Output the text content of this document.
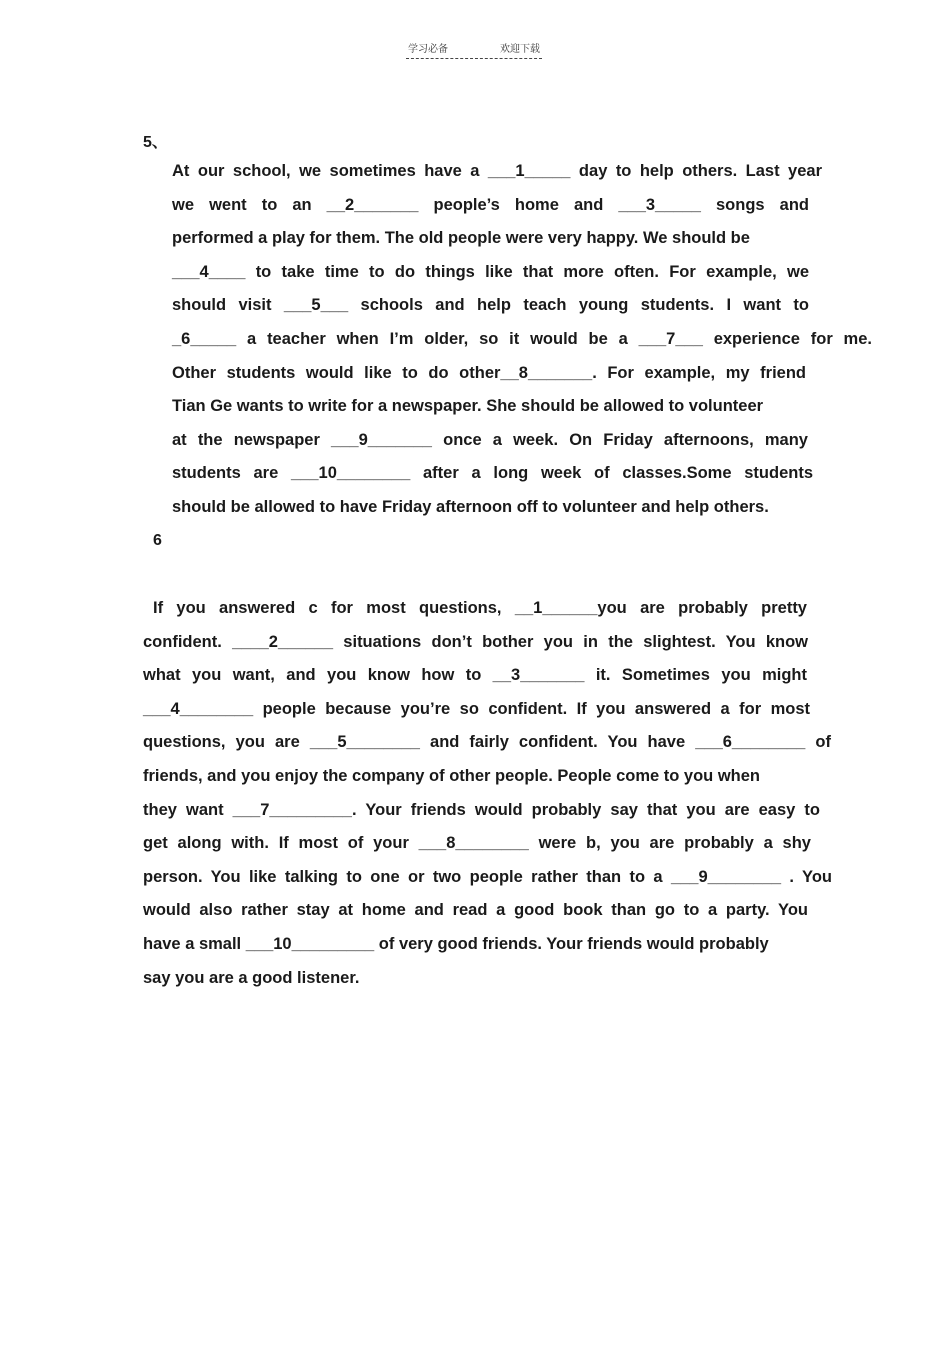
学习必备	欢迎下载
5、
At our school, we sometimes have a ___1_____ day to help others. Last year
we went to an __2_______ people’s home and ___3_____ songs and
performed a play for them. The old people were very happy. We should be
___4____ to take time to do things like that more often. For example, we
should visit ___5___ schools and help teach young students. I want to
_6_____ a teacher when I’m older, so it would be a ___7___ experience for me.
Other students would like to do other__8_______. For example, my friend
Tian Ge wants to write for a newspaper. She should be allowed to volunteer
at the newspaper ___9_______ once a week. On Friday afternoons, many
students are ___10________ after a long week of classes.Some students
should be allowed to have Friday afternoon off to volunteer and help others.
6
If you answered c for most questions, __1______you are probably pretty
confident. ____2______ situations don’t bother you in the slightest. You know
what you want, and you know how to __3_______ it. Sometimes you might
___4________ people because you’re so confident. If you answered a for most
questions, you are ___5________ and fairly confident. You have ___6________ of
friends, and you enjoy the company of other people. People come to you when
they want ___7_________. Your friends would probably say that you are easy to
get along with. If most of your ___8________ were b, you are probably a shy
person. You like talking to one or two people rather than to a ___9________ . You
would also rather stay at home and read a good book than go to a party. You
have a small ___10_________ of very good friends. Your friends would probably
say you are a good listener.
